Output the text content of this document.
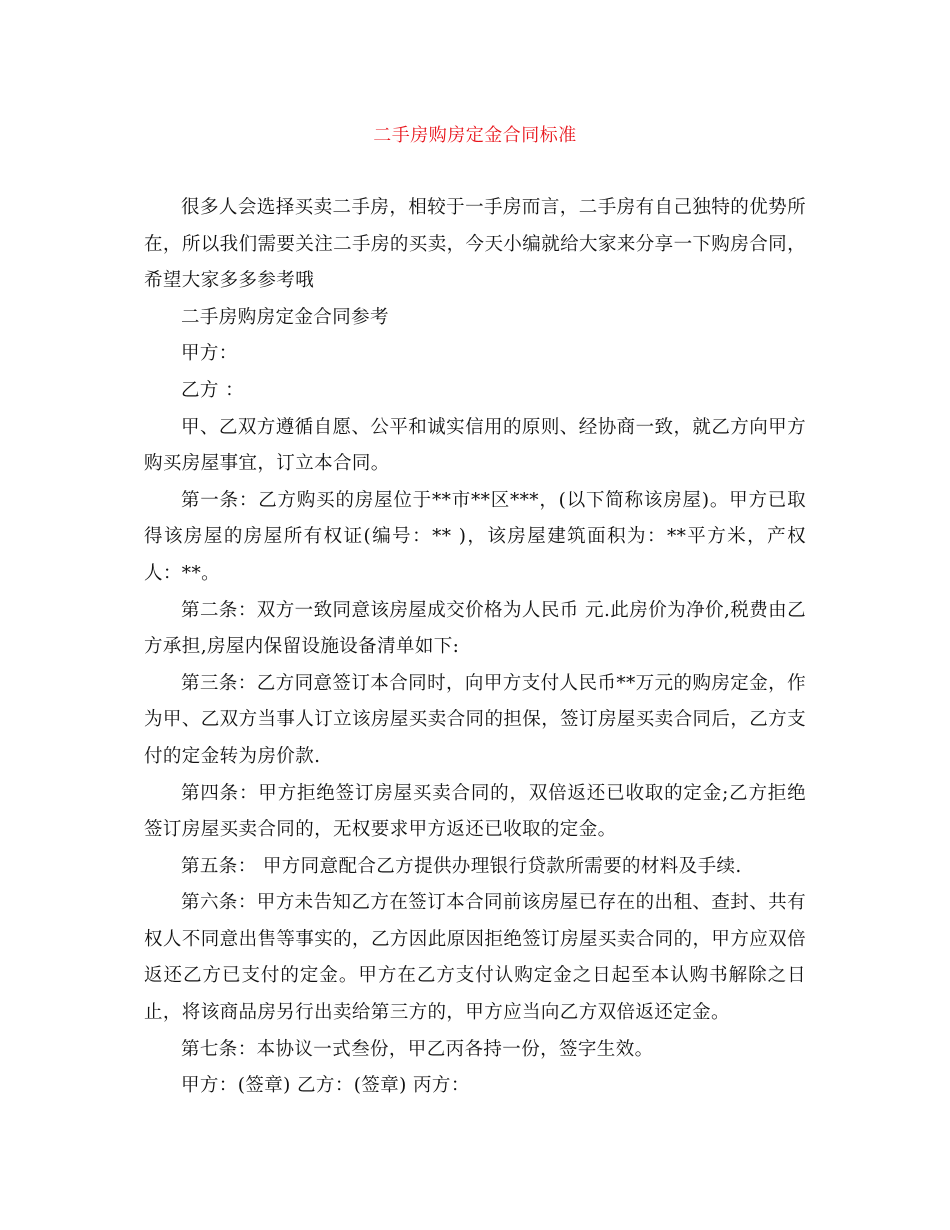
二手房购房定金合同标准

很多人会选择买卖二手房，相较于一手房而言，二手房有自己独特的优势所在，所以我们需要关注二手房的买卖，今天小编就给大家来分享一下购房合同，希望大家多多参考哦

二手房购房定金合同参考

甲方：

乙方 ：

甲、乙双方遵循自愿、公平和诚实信用的原则、经协商一致，就乙方向甲方购买房屋事宜，订立本合同。

第一条：乙方购买的房屋位于**市**区***，(以下简称该房屋)。甲方已取得该房屋的房屋所有权证(编号：** )，该房屋建筑面积为：**平方米，产权人：**。

第二条：双方一致同意该房屋成交价格为人民币 元.此房价为净价,税费由乙方承担,房屋内保留设施设备清单如下:

第三条：乙方同意签订本合同时，向甲方支付人民币**万元的购房定金，作为甲、乙双方当事人订立该房屋买卖合同的担保，签订房屋买卖合同后，乙方支付的定金转为房价款.

第四条：甲方拒绝签订房屋买卖合同的，双倍返还已收取的定金;乙方拒绝签订房屋买卖合同的，无权要求甲方返还已收取的定金。

第五条： 甲方同意配合乙方提供办理银行贷款所需要的材料及手续.

第六条：甲方未告知乙方在签订本合同前该房屋已存在的出租、查封、共有权人不同意出售等事实的，乙方因此原因拒绝签订房屋买卖合同的，甲方应双倍返还乙方已支付的定金。甲方在乙方支付认购定金之日起至本认购书解除之日止，将该商品房另行出卖给第三方的，甲方应当向乙方双倍返还定金。

第七条：本协议一式叁份，甲乙丙各持一份，签字生效。

甲方：(签章) 乙方：(签章) 丙方：
